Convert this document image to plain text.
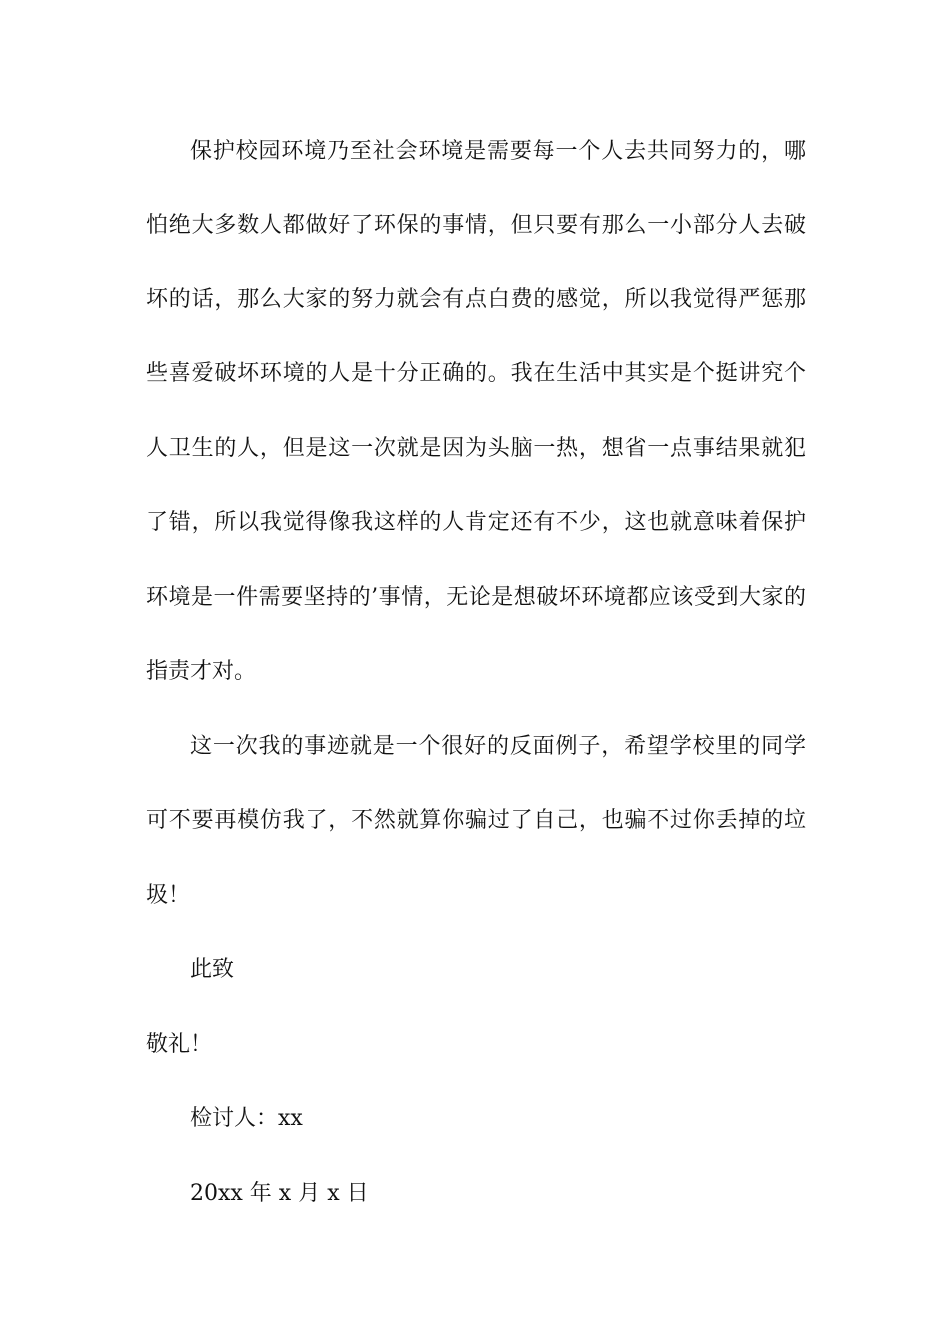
保护校园环境乃至社会环境是需要每一个人去共同努力的，哪

怕绝大多数人都做好了环保的事情，但只要有那么一小部分人去破

坏的话，那么大家的努力就会有点白费的感觉，所以我觉得严惩那

些喜爱破坏环境的人是十分正确的。我在生活中其实是个挺讲究个

人卫生的人，但是这一次就是因为头脑一热，想省一点事结果就犯

了错，所以我觉得像我这样的人肯定还有不少，这也就意味着保护

环境是一件需要坚持的’事情，无论是想破坏环境都应该受到大家的

指责才对。

这一次我的事迹就是一个很好的反面例子，希望学校里的同学

可不要再模仿我了，不然就算你骗过了自己，也骗不过你丢掉的垃

圾！

此致

敬礼！

检讨人：xx

20xx 年 x 月 x 日
